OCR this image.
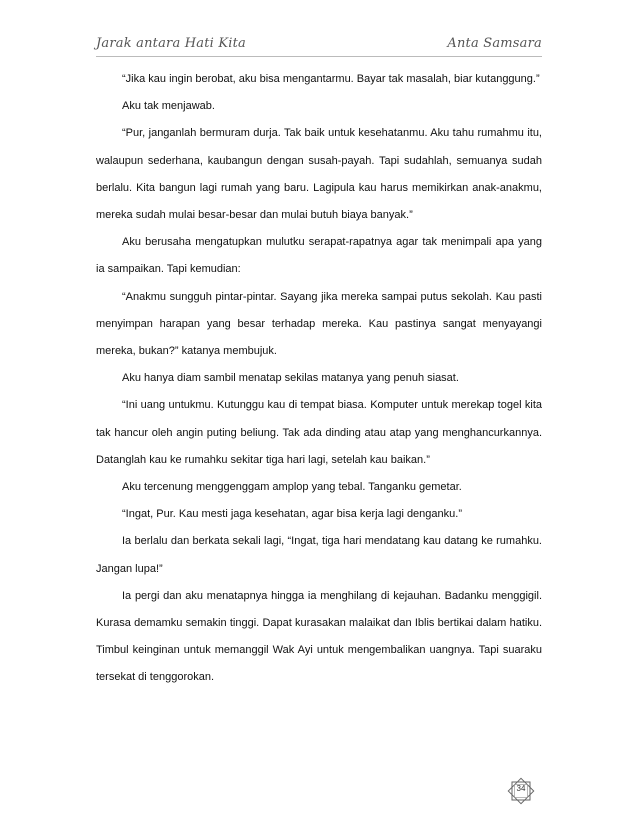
Jarak antara Hati Kita	Anta Samsara

“Jika kau ingin berobat, aku bisa mengantarmu. Bayar tak masalah, biar kutanggung.”

Aku tak menjawab.

“Pur, janganlah bermuram durja. Tak baik untuk kesehatanmu. Aku tahu rumahmu itu, walaupun sederhana, kaubangun dengan susah-payah. Tapi sudahlah, semuanya sudah berlalu. Kita bangun lagi rumah yang baru. Lagipula kau harus memikirkan anak-anakmu, mereka sudah mulai besar-besar dan mulai butuh biaya banyak.”

Aku berusaha mengatupkan mulutku serapat-rapatnya agar tak menimpali apa yang ia sampaikan. Tapi kemudian:

“Anakmu sungguh pintar-pintar. Sayang jika mereka sampai putus sekolah. Kau pasti menyimpan harapan yang besar terhadap mereka. Kau pastinya sangat menyayangi mereka, bukan?” katanya membujuk.

Aku hanya diam sambil menatap sekilas matanya yang penuh siasat.

“Ini uang untukmu. Kutunggu kau di tempat biasa. Komputer untuk merekap togel kita tak hancur oleh angin puting beliung. Tak ada dinding atau atap yang menghancurkannya. Datanglah kau ke rumahku sekitar tiga hari lagi, setelah kau baikan.”

Aku tercenung menggenggam amplop yang tebal. Tanganku gemetar.

“Ingat, Pur. Kau mesti jaga kesehatan, agar bisa kerja lagi denganku.”

Ia berlalu dan berkata sekali lagi, “Ingat, tiga hari mendatang kau datang ke rumahku. Jangan lupa!”

Ia pergi dan aku menatapnya hingga ia menghilang di kejauhan. Badanku menggigil. Kurasa demamku semakin tinggi. Dapat kurasakan malaikat dan Iblis bertikai dalam hatiku. Timbul keinginan untuk memanggil Wak Ayi untuk mengembalikan uangnya. Tapi suaraku tersekat di tenggorokan.

34
